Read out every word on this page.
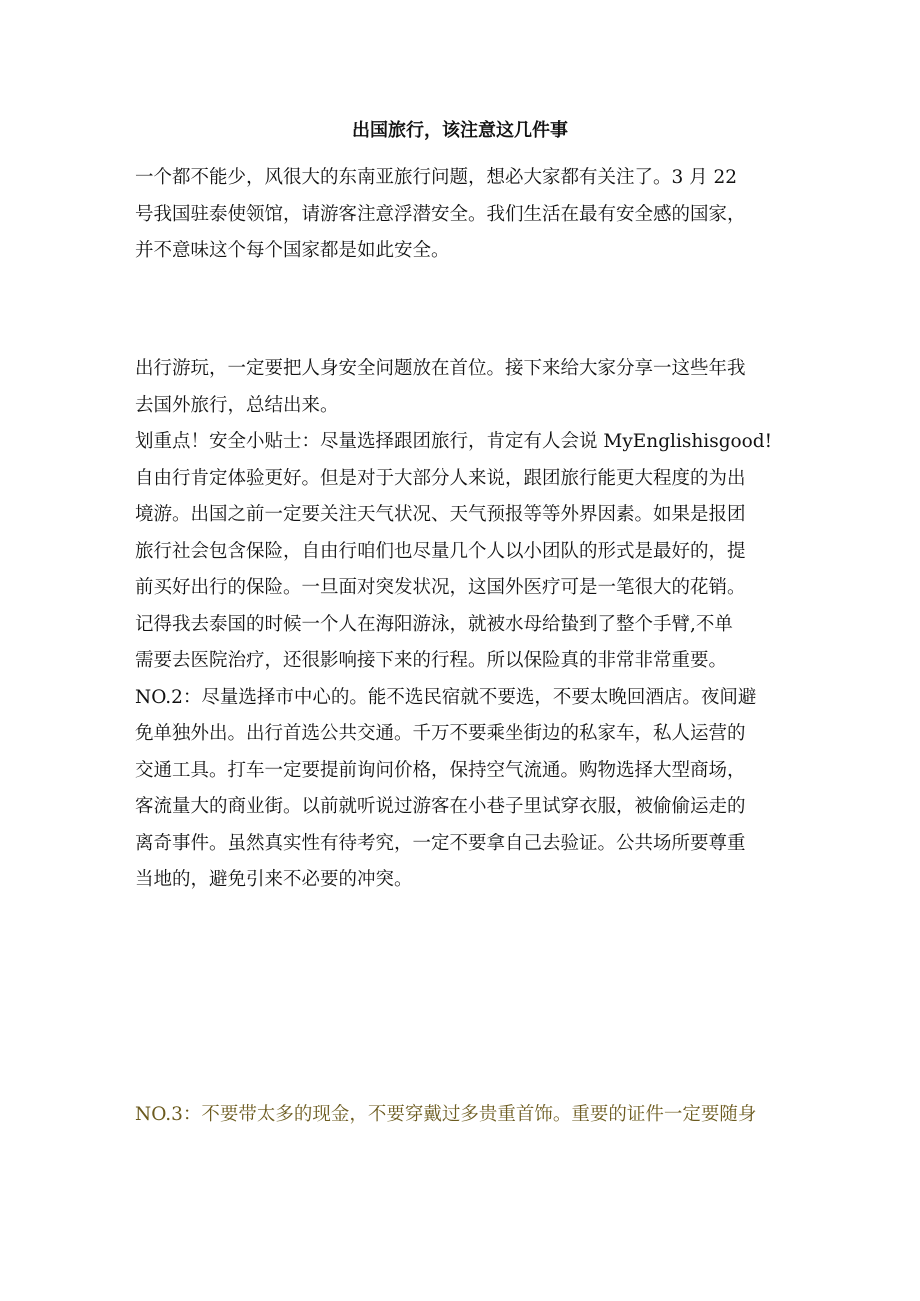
出国旅行，该注意这几件事
一个都不能少，风很大的东南亚旅行问题，想必大家都有关注了。3 月 22
号我国驻泰使领馆，请游客注意浮潜安全。我们生活在最有安全感的国家，
并不意味这个每个国家都是如此安全。
出行游玩，一定要把人身安全问题放在首位。接下来给大家分享一这些年我
去国外旅行，总结出来。
划重点！安全小贴士：尽量选择跟团旅行，肯定有人会说 MyEnglishisgood!
自由行肯定体验更好。但是对于大部分人来说，跟团旅行能更大程度的为出
境游。出国之前一定要关注天气状况、天气预报等等外界因素。如果是报团
旅行社会包含保险，自由行咱们也尽量几个人以小团队的形式是最好的，提
前买好出行的保险。一旦面对突发状况，这国外医疗可是一笔很大的花销。
记得我去泰国的时候一个人在海阳游泳，就被水母给蛰到了整个手臂,不单
需要去医院治疗，还很影响接下来的行程。所以保险真的非常非常重要。
NO.2：尽量选择市中心的。能不选民宿就不要选，不要太晚回酒店。夜间避
免单独外出。出行首选公共交通。千万不要乘坐街边的私家车，私人运营的
交通工具。打车一定要提前询问价格，保持空气流通。购物选择大型商场，
客流量大的商业街。以前就听说过游客在小巷子里试穿衣服，被偷偷运走的
离奇事件。虽然真实性有待考究，一定不要拿自己去验证。公共场所要尊重
当地的，避免引来不必要的冲突。
NO.3：不要带太多的现金，不要穿戴过多贵重首饰。重要的证件一定要随身
